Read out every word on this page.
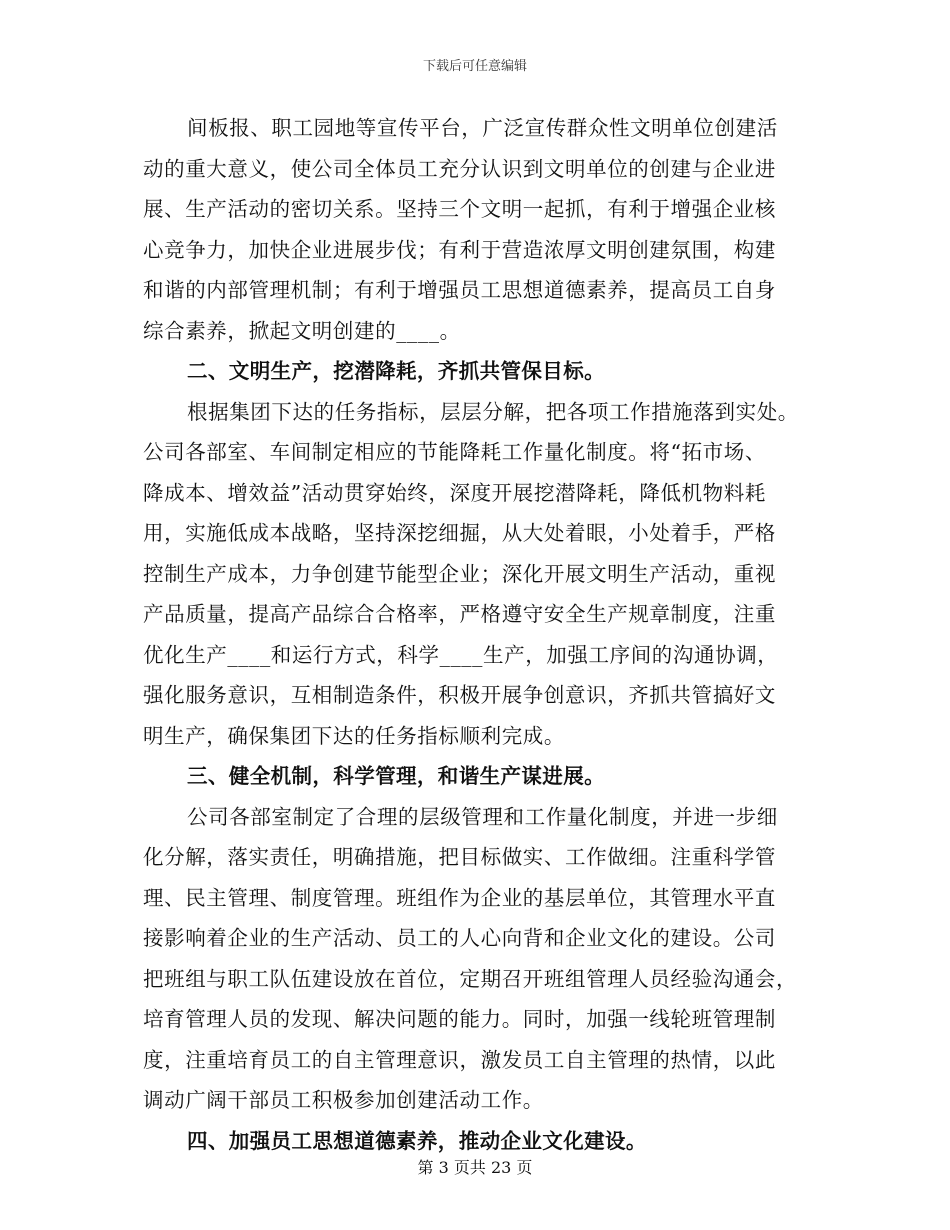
下载后可任意编辑
间板报、职工园地等宣传平台，广泛宣传群众性文明单位创建活
动的重大意义，使公司全体员工充分认识到文明单位的创建与企业进
展、生产活动的密切关系。坚持三个文明一起抓，有利于增强企业核
心竞争力，加快企业进展步伐；有利于营造浓厚文明创建氛围，构建
和谐的内部管理机制；有利于增强员工思想道德素养，提高员工自身
综合素养，掀起文明创建的____。
二、文明生产，挖潜降耗，齐抓共管保目标。
根据集团下达的任务指标，层层分解，把各项工作措施落到实处。
公司各部室、车间制定相应的节能降耗工作量化制度。将“拓市场、
降成本、增效益”活动贯穿始终，深度开展挖潜降耗，降低机物料耗
用，实施低成本战略，坚持深挖细掘，从大处着眼，小处着手，严格
控制生产成本，力争创建节能型企业；深化开展文明生产活动，重视
产品质量，提高产品综合合格率，严格遵守安全生产规章制度，注重
优化生产____和运行方式，科学____生产，加强工序间的沟通协调，
强化服务意识，互相制造条件，积极开展争创意识，齐抓共管搞好文
明生产，确保集团下达的任务指标顺利完成。
三、健全机制，科学管理，和谐生产谋进展。
公司各部室制定了合理的层级管理和工作量化制度，并进一步细
化分解，落实责任，明确措施，把目标做实、工作做细。注重科学管
理、民主管理、制度管理。班组作为企业的基层单位，其管理水平直
接影响着企业的生产活动、员工的人心向背和企业文化的建设。公司
把班组与职工队伍建设放在首位，定期召开班组管理人员经验沟通会，
培育管理人员的发现、解决问题的能力。同时，加强一线轮班管理制
度，注重培育员工的自主管理意识，激发员工自主管理的热情，以此
调动广阔干部员工积极参加创建活动工作。
四、加强员工思想道德素养，推动企业文化建设。
第 3 页共 23 页
